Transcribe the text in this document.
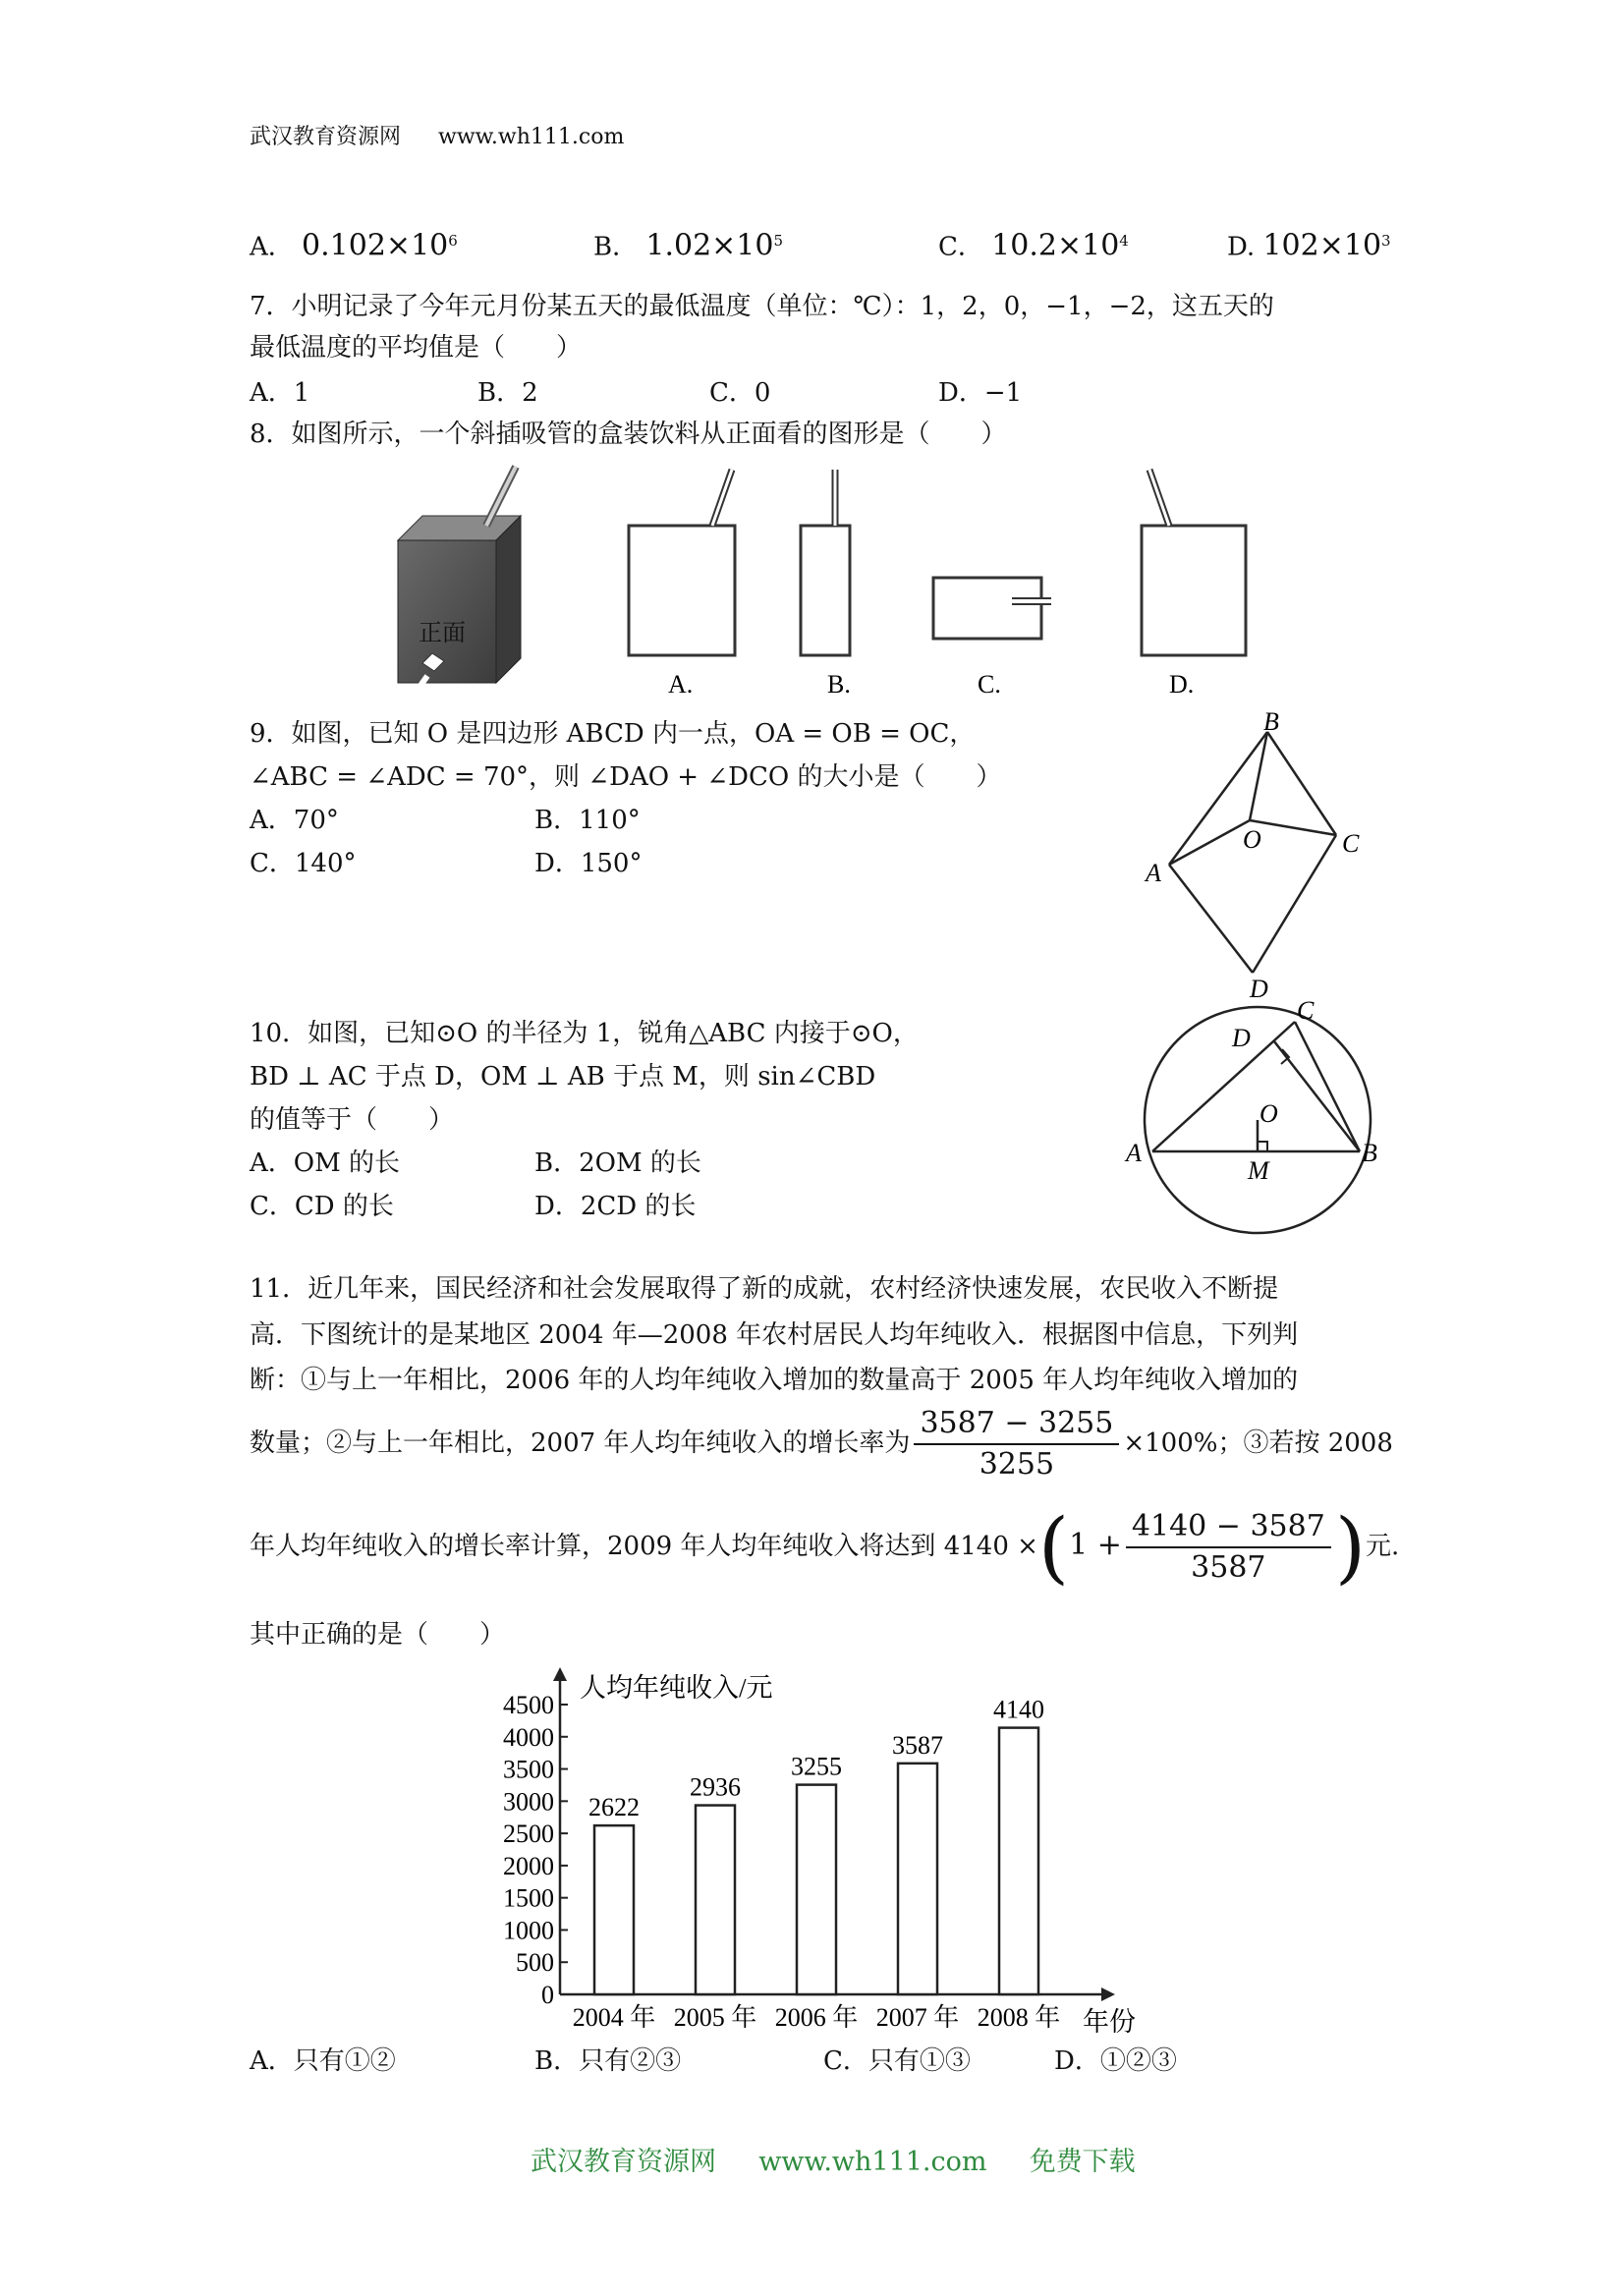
武汉教育资源网 www.wh111.com
A． $0.102\times 10^6$	B． $1.02\times 10^5$	C． $10.2\times 10^4$	D. $102\times 10^3$
7．小明记录了今年元月份某五天的最低温度（单位：℃）：1，2，0，−1，−2，这五天的
最低温度的平均值是（　　）
A．1	B．2	C．0	D．−1
8．如图所示，一个斜插吸管的盒装饮料从正面看的图形是（　　）
正面
A.	B.	C.	D.
9．如图，已知 O 是四边形 ABCD 内一点，OA = OB = OC，
∠ABC = ∠ADC = 70°，则 ∠DAO + ∠DCO 的大小是（　　）
A．70°	B．110°
C．140°	D．150°
B
O	C
A
D
10．如图，已知⊙O 的半径为 1，锐角△ABC 内接于⊙O，
BD ⊥ AC 于点 D，OM ⊥ AB 于点 M，则 sin∠CBD
的值等于（　　）
A．OM 的长	B．2OM 的长
C．CD 的长	D．2CD 的长
C
D
O
A	B
M
11．近几年来，国民经济和社会发展取得了新的成就，农村经济快速发展，农民收入不断提
高．下图统计的是某地区 2004 年—2008 年农村居民人均年纯收入．根据图中信息，下列判
断：①与上一年相比，2006 年的人均年纯收入增加的数量高于 2005 年人均年纯收入增加的
数量；②与上一年相比，2007 年人均年纯收入的增长率为 $\frac{3587 - 3255}{3255} \times 100\%$；③若按 2008
年人均年纯收入的增长率计算，2009 年人均年纯收入将达到 $4140 \times(1 + \frac{4140 - 3587}{3587}$ )元.
其中正确的是（　　）
人均年纯收入/元
年份
0
500
1000
1500
2000
2500
3000
3500
4000
4500
2622
2004 年
2936
2005 年
3255
2006 年
3587
2007 年
4140
2008 年
A．只有①②	B．只有②③	C．只有①③	D．①②③
武汉教育资源网 www.wh111.com 免费下载
